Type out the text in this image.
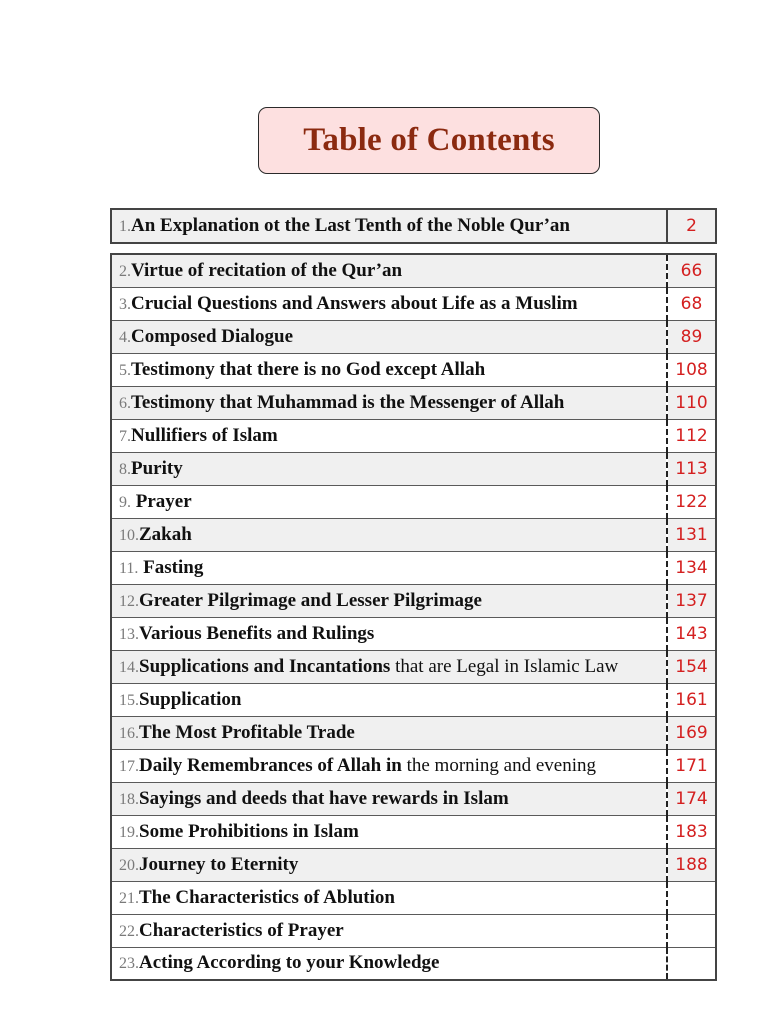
Table of Contents
1.An Explanation ot the Last Tenth of the Noble Qur’an	2
2.Virtue of recitation of the Qur’an	66
3.Crucial Questions and Answers about Life as a Muslim	68
4.Composed Dialogue	89
5.Testimony that there is no God except Allah	108
6.Testimony that Muhammad is the Messenger of Allah	110
7.Nullifiers of Islam	112
8.Purity	113
9. Prayer	122
10.Zakah	131
11. Fasting	134
12.Greater Pilgrimage and Lesser Pilgrimage	137
13.Various Benefits and Rulings	143
14.Supplications and Incantations that are Legal in Islamic Law	154
15.Supplication	161
16.The Most Profitable Trade	169
17.Daily Remembrances of Allah in the morning and evening	171
18.Sayings and deeds that have rewards in Islam	174
19.Some Prohibitions in Islam	183
20.Journey to Eternity	188
21.The Characteristics of Ablution	
22.Characteristics of Prayer	
23.Acting According to your Knowledge	
